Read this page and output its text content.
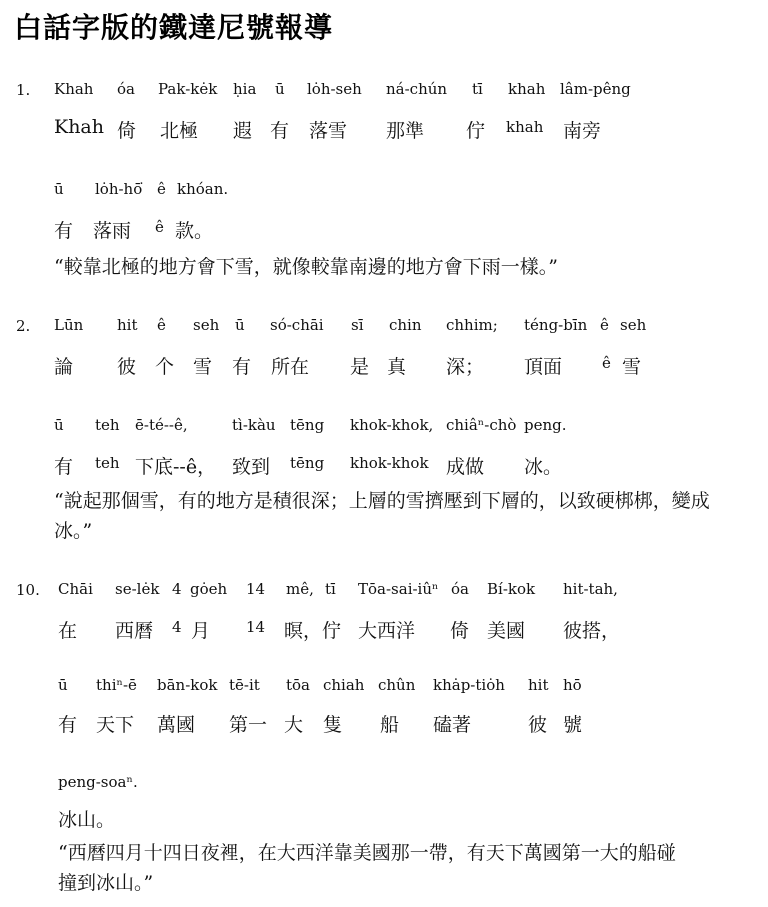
白話字版的鐵達尼號報導
1. Khah óa Pak-kėk ḥia ū lȯh-seh ná-chún tī khah lâm-pêng
Khah 倚 北極 遐 有 落雪 那準 佇 khah 南旁
ū lȯh-hō͘ ê khóan.
有 落雨 ê 款。

“較靠北極的地方會下雪，就像較靠南邊的地方會下雨一樣。”

2. Lūn hit ê seh ū só-chāi sī chin chhim; téng-bīn ê seh
論 彼 个 雪 有 所在 是 真 深； 頂面	ê 雪
ū teh ē-té--ê,	tì-kàu tēng khok-khok, chiâⁿ-chò peng.
有 teh 下底--ê， 致到 tēng khok-khok 成做 冰。

“說起那個雪，有的地方是積很深；上層的雪擠壓到下層的，以致硬梆梆，變成冰。”

10. Chāi se-lėk 4 gȯeh 14 mê, tī Tōa-sai-iûⁿ óa Bí-kok hit-tah,
在 西曆 4 月 14 暝，佇 大西洋 倚 美國 彼搭，
ū thiⁿ-ē bān-kok tē-it tōa chiah chûn khȧp-tiȯh hit hō
有 天下 萬國 第一 大 隻 船 磕著	彼 號
peng-soaⁿ.
冰山。

“西曆四月十四日夜裡，在大西洋靠美國那一帶，有天下萬國第一大的船碰撞到冰山。”
